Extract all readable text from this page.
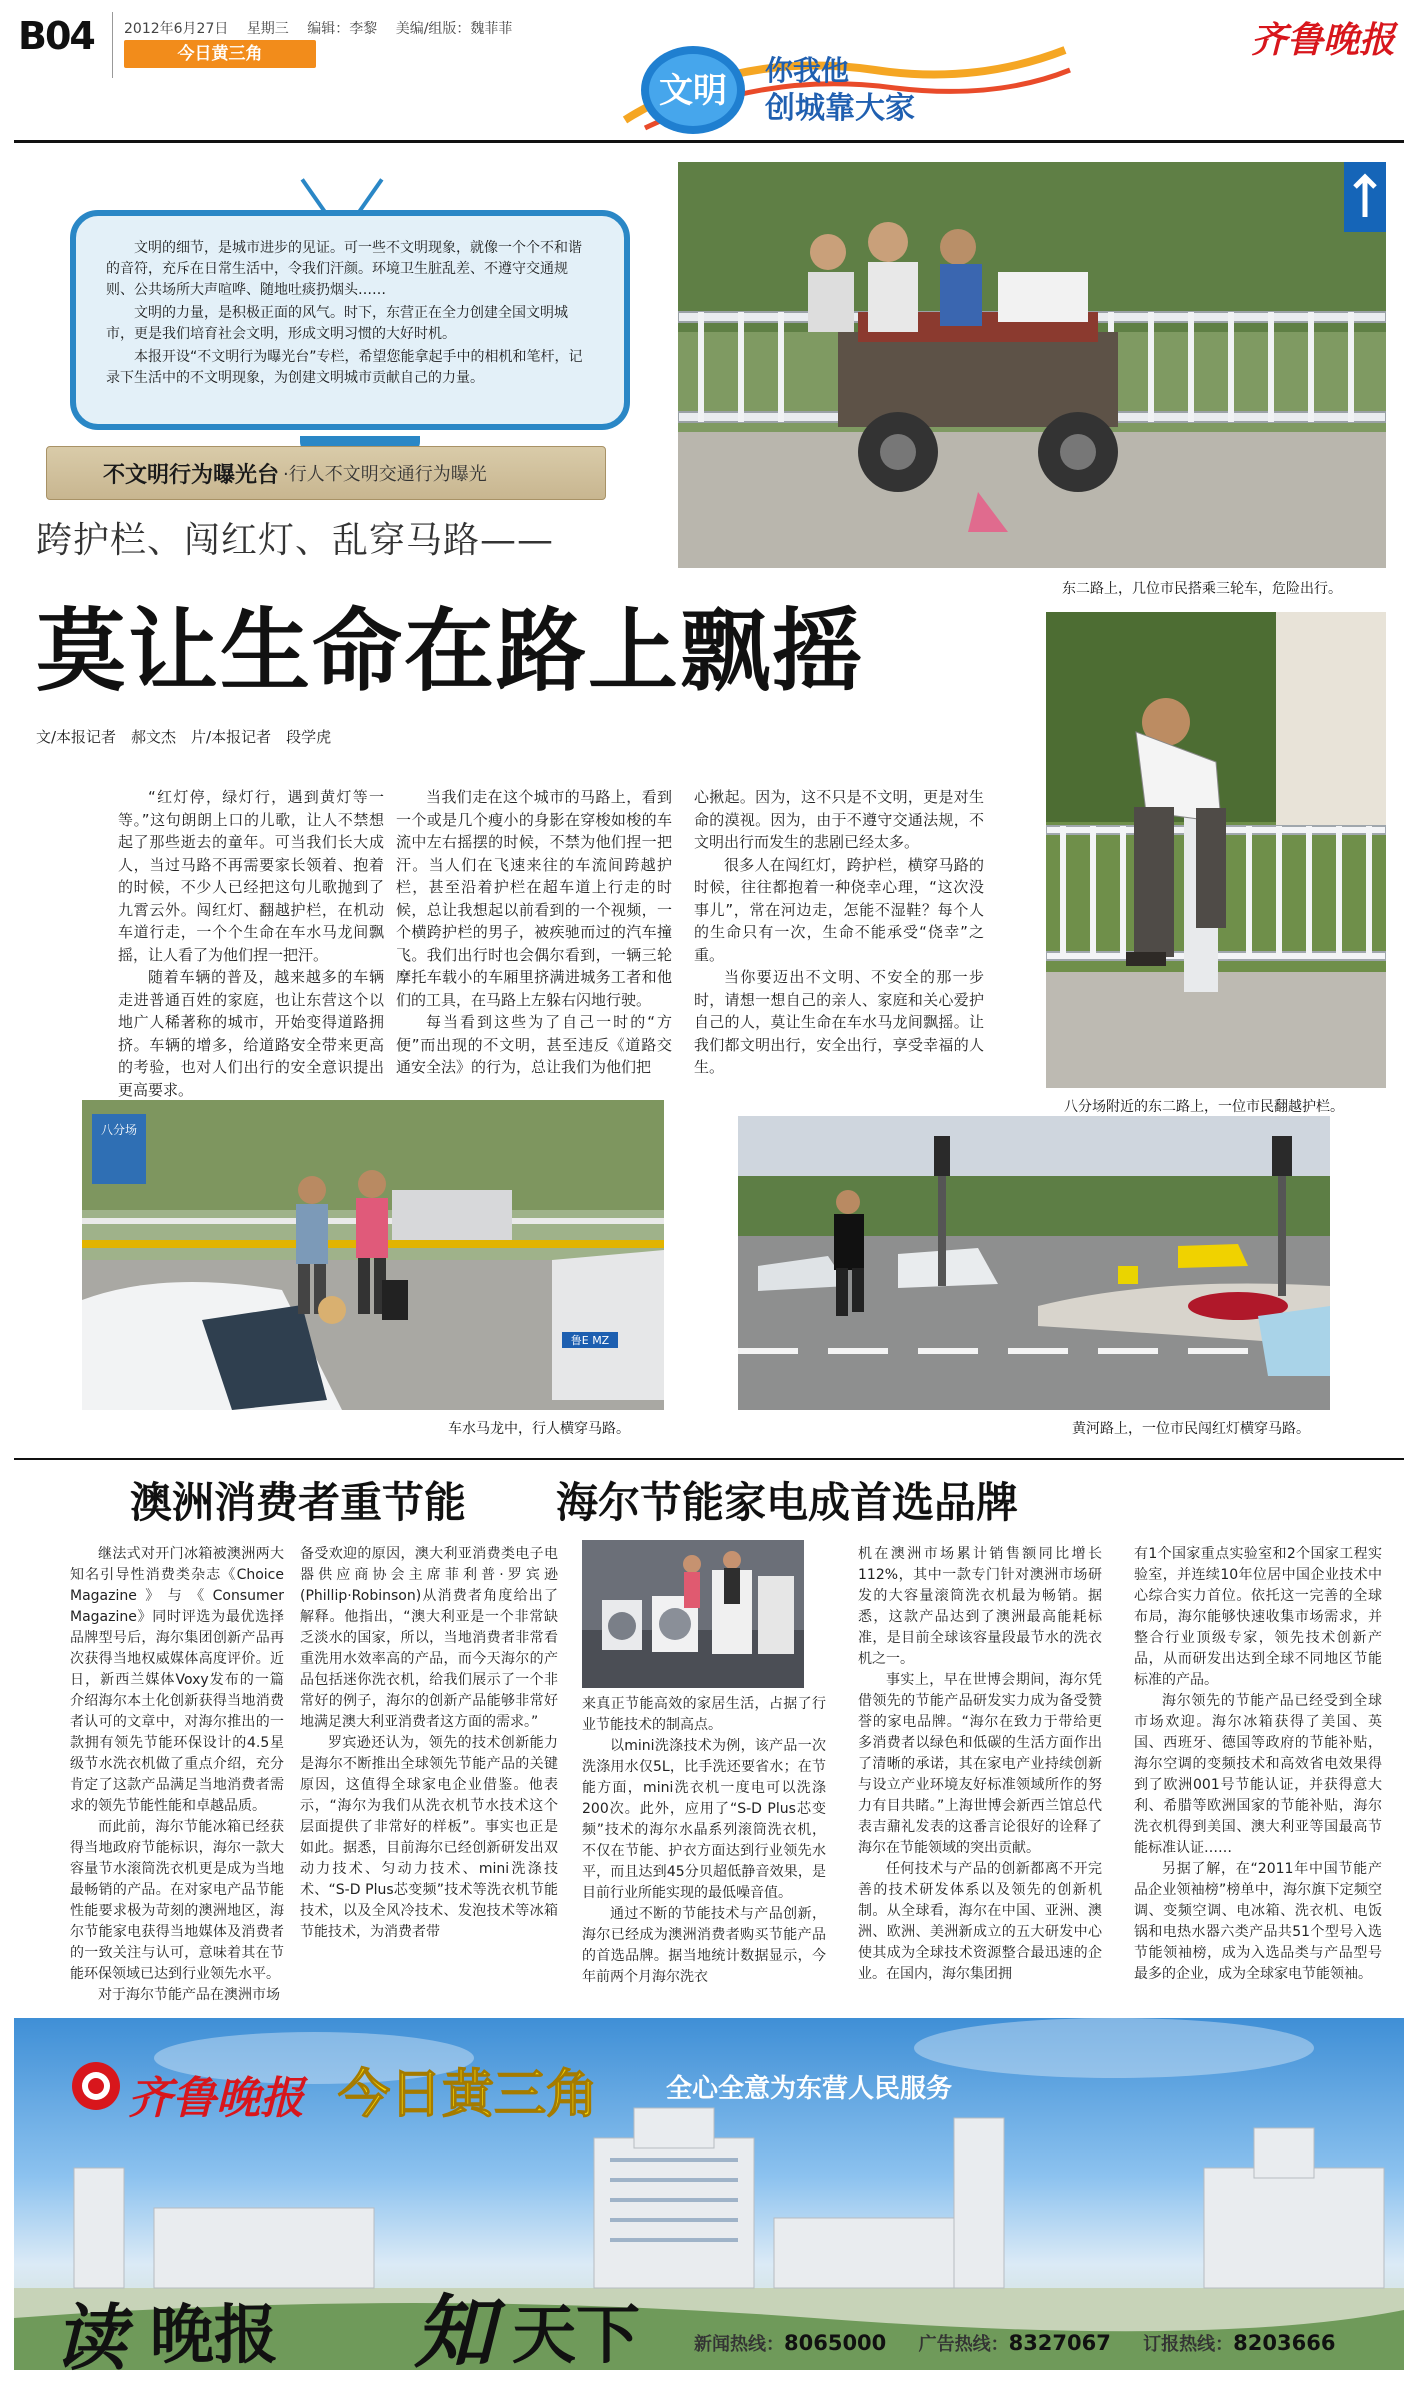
B04 2012年6月27日 星期三 编辑：李黎 美编/组版：魏菲菲
今日黄三角	齐鲁晚报
文明
你我他
创城靠大家

文明的细节，是城市进步的见证。可一些不文明现象，就像一个个不和谐的音符，充斥在日常生活中，令我们汗颜。环境卫生脏乱差、不遵守交通规则、公共场所大声喧哗、随地吐痰扔烟头……

文明的力量，是积极正面的风气。时下，东营正在全力创建全国文明城市，更是我们培育社会文明，形成文明习惯的大好时机。

本报开设“不文明行为曝光台”专栏，希望您能拿起手中的相机和笔杆，记录下生活中的不文明现象，为创建文明城市贡献自己的力量。

不文明行为曝光台 ·行人不文明交通行为曝光
东二路上，几位市民搭乘三轮车，危险出行。
跨护栏、闯红灯、乱穿马路——
莫让生命在路上飘摇
文/本报记者　郝文杰　片/本报记者　段学虎
八分场附近的东二路上，一位市民翻越护栏。

“红灯停，绿灯行，遇到黄灯等一等。”这句朗朗上口的儿歌，让人不禁想起了那些逝去的童年。可当我们长大成人，当过马路不再需要家长领着、抱着的时候，不少人已经把这句儿歌抛到了九霄云外。闯红灯、翻越护栏，在机动车道行走，一个个生命在车水马龙间飘摇，让人看了为他们捏一把汗。

随着车辆的普及，越来越多的车辆走进普通百姓的家庭，也让东营这个以地广人稀著称的城市，开始变得道路拥挤。车辆的增多，给道路安全带来更高的考验，也对人们出行的安全意识提出更高要求。

当我们走在这个城市的马路上，看到一个或是几个瘦小的身影在穿梭如梭的车流中左右摇摆的时候，不禁为他们捏一把汗。当人们在飞速来往的车流间跨越护栏，甚至沿着护栏在超车道上行走的时候，总让我想起以前看到的一个视频，一个横跨护栏的男子，被疾驰而过的汽车撞飞。我们出行时也会偶尔看到，一辆三轮摩托车载小的车厢里挤满进城务工者和他们的工具，在马路上左躲右闪地行驶。

每当看到这些为了自己一时的“方便”而出现的不文明，甚至违反《道路交通安全法》的行为，总让我们为他们把

心揪起。因为，这不只是不文明，更是对生命的漠视。因为，由于不遵守交通法规，不文明出行而发生的悲剧已经太多。

很多人在闯红灯，跨护栏，横穿马路的时候，往往都抱着一种侥幸心理，“这次没事儿”，常在河边走，怎能不湿鞋？每个人的生命只有一次，生命不能承受“侥幸”之重。

当你要迈出不文明、不安全的那一步时，请想一想自己的亲人、家庭和关心爱护自己的人，莫让生命在车水马龙间飘摇。让我们都文明出行，安全出行，享受幸福的人生。

八分场
鲁E MZ
车水马龙中，行人横穿马路。	黄河路上，一位市民闯红灯横穿马路。
澳洲消费者重节能 海尔节能家电成首选品牌

继法式对开门冰箱被澳洲两大知名引导性消费类杂志《Choice Magazine》与《Consumer Magazine》同时评选为最优选择品牌型号后，海尔集团创新产品再次获得当地权威媒体高度评价。近日，新西兰媒体Voxy发布的一篇介绍海尔本土化创新获得当地消费者认可的文章中，对海尔推出的一款拥有领先节能环保设计的4.5星级节水洗衣机做了重点介绍，充分肯定了这款产品满足当地消费者需求的领先节能性能和卓越品质。

而此前，海尔节能冰箱已经获得当地政府节能标识，海尔一款大容量节水滚筒洗衣机更是成为当地最畅销的产品。在对家电产品节能性能要求极为苛刻的澳洲地区，海尔节能家电获得当地媒体及消费者的一致关注与认可，意味着其在节能环保领域已达到行业领先水平。

对于海尔节能产品在澳洲市场

备受欢迎的原因，澳大利亚消费类电子电器供应商协会主席菲利普·罗宾逊(Phillip·Robinson)从消费者角度给出了解释。他指出，“澳大利亚是一个非常缺乏淡水的国家，所以，当地消费者非常看重洗用水效率高的产品，而今天海尔的产品包括迷你洗衣机，给我们展示了一个非常好的例子，海尔的创新产品能够非常好地满足澳大利亚消费者这方面的需求。”

罗宾逊还认为，领先的技术创新能力是海尔不断推出全球领先节能产品的关键原因，这值得全球家电企业借鉴。他表示，“海尔为我们从洗衣机节水技术这个层面提供了非常好的样板”。事实也正是如此。据悉，目前海尔已经创新研发出双动力技术、匀动力技术、mini洗涤技术、“S-D Plus芯变频”技术等洗衣机节能技术，以及全风冷技术、发泡技术等冰箱节能技术，为消费者带

来真正节能高效的家居生活，占据了行业节能技术的制高点。

以mini洗涤技术为例，该产品一次洗涤用水仅5L，比手洗还要省水；在节能方面，mini洗衣机一度电可以洗涤200次。此外，应用了“S-D Plus芯变频”技术的海尔水晶系列滚筒洗衣机，不仅在节能、护衣方面达到行业领先水平，而且达到45分贝超低静音效果，是目前行业所能实现的最低噪音值。

通过不断的节能技术与产品创新，海尔已经成为澳洲消费者购买节能产品的首选品牌。据当地统计数据显示，今年前两个月海尔洗衣

机在澳洲市场累计销售额同比增长112%，其中一款专门针对澳洲市场研发的大容量滚筒洗衣机最为畅销。据悉，这款产品达到了澳洲最高能耗标准，是目前全球该容量段最节水的洗衣机之一。

事实上，早在世博会期间，海尔凭借领先的节能产品研发实力成为备受赞誉的家电品牌。“海尔在致力于带给更多消费者以绿色和低碳的生活方面作出了清晰的承诺，其在家电产业持续创新与设立产业环境友好标准领域所作的努力有目共睹。”上海世博会新西兰馆总代表吉鼐礼发表的这番言论很好的诠释了海尔在节能领域的突出贡献。

任何技术与产品的创新都离不开完善的技术研发体系以及领先的创新机制。从全球看，海尔在中国、亚洲、澳洲、欧洲、美洲新成立的五大研发中心使其成为全球技术资源整合最迅速的企业。在国内，海尔集团拥

有1个国家重点实验室和2个国家工程实验室，并连续10年位居中国企业技术中心综合实力首位。依托这一完善的全球布局，海尔能够快速收集市场需求，并整合行业顶级专家，领先技术创新产品，从而研发出达到全球不同地区节能标准的产品。

海尔领先的节能产品已经受到全球市场欢迎。海尔冰箱获得了美国、英国、西班牙、德国等政府的节能补贴，海尔空调的变频技术和高效省电效果得到了欧洲001号节能认证，并获得意大利、希腊等欧洲国家的节能补贴，海尔洗衣机得到美国、澳大利亚等国最高节能标准认证……

另据了解，在“2011年中国节能产品企业领袖榜”榜单中，海尔旗下定频空调、变频空调、电冰箱、洗衣机、电饭锅和电热水器六类产品共51个型号入选节能领袖榜，成为入选品类与产品型号最多的企业，成为全球家电节能领袖。

齐鲁晚报 今日黄三角	全心全意为东营人民服务
读 晚报 知 天下	新闻热线：8065000 广告热线：8327067 订报热线：8203666
